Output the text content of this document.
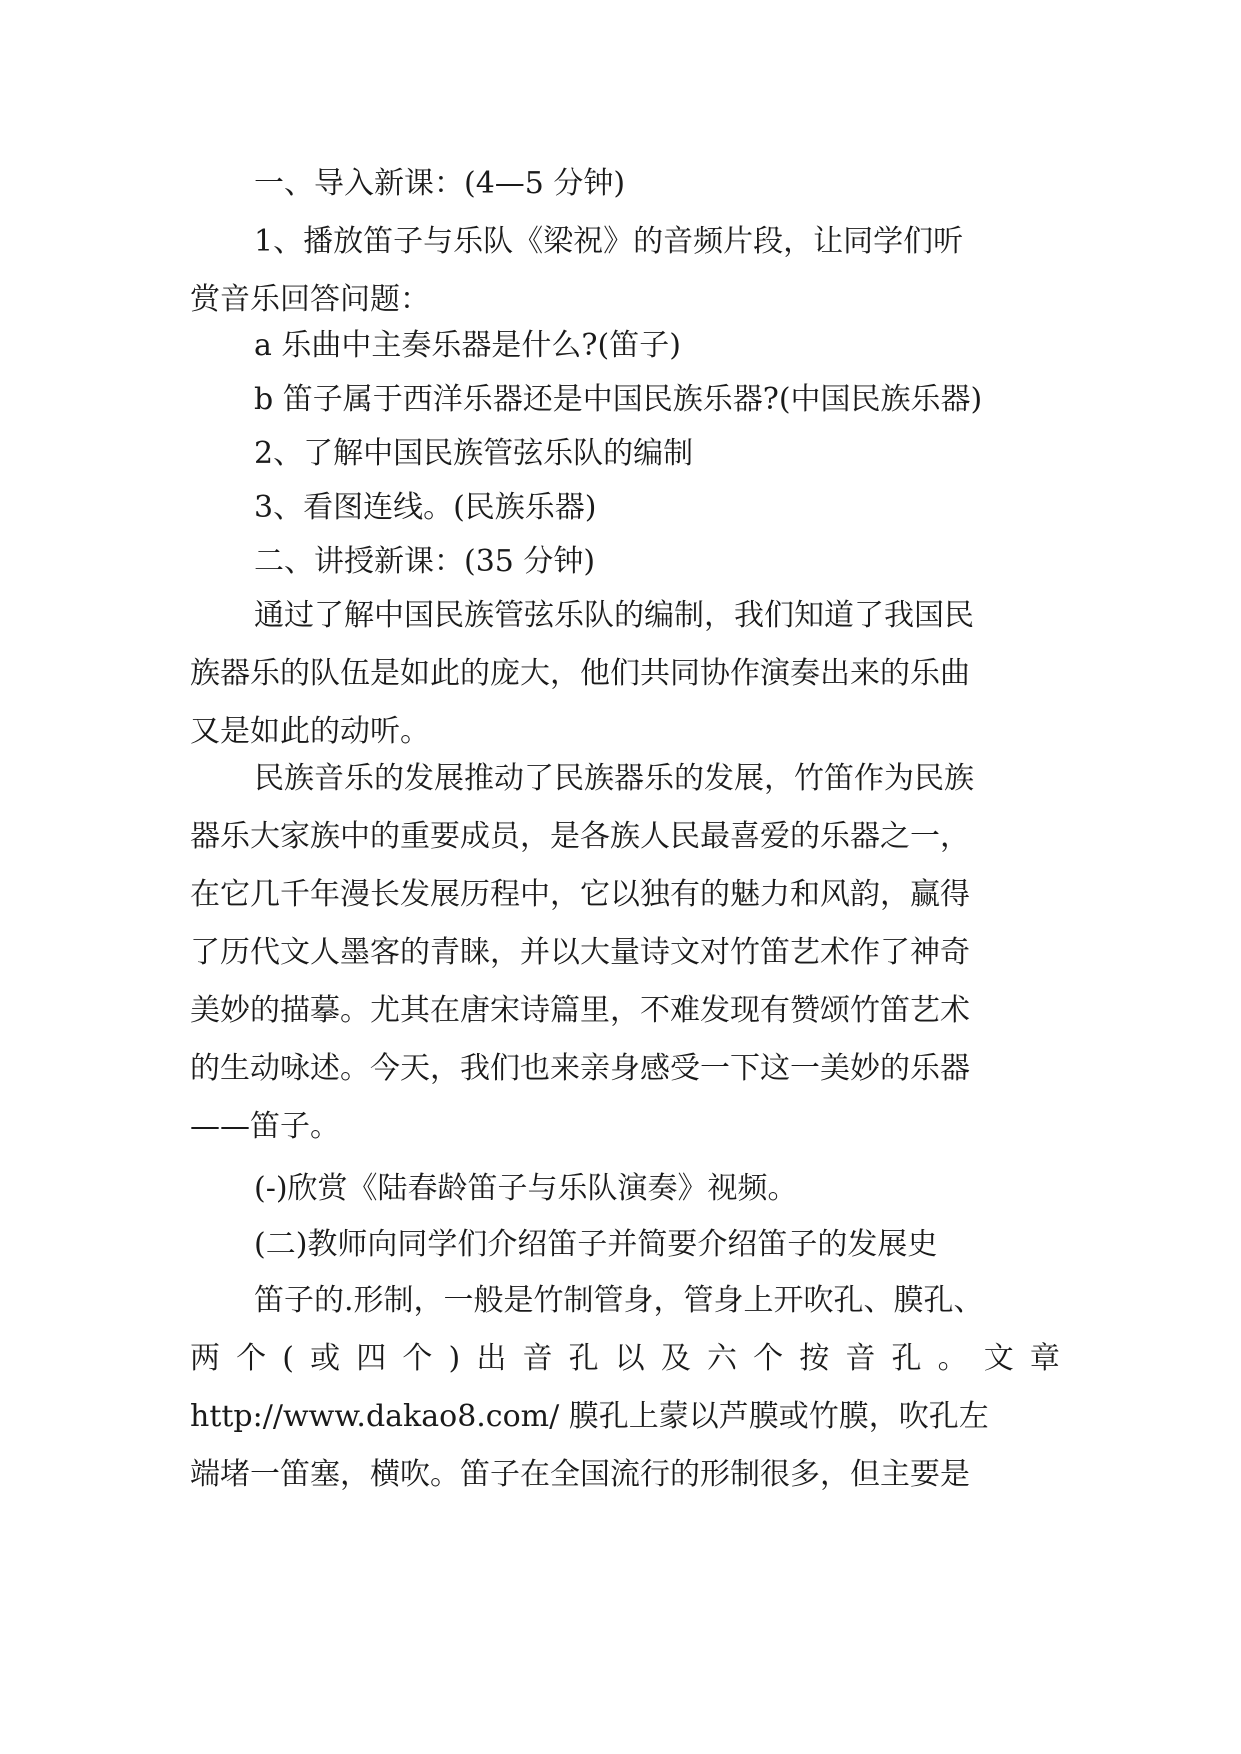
一、导入新课：(4—5 分钟)

1、播放笛子与乐队《梁祝》的音频片段，让同学们听

赏音乐回答问题：

a 乐曲中主奏乐器是什么?(笛子)

b 笛子属于西洋乐器还是中国民族乐器?(中国民族乐器)

2、了解中国民族管弦乐队的编制

3、看图连线。(民族乐器)

二、讲授新课：(35 分钟)

通过了解中国民族管弦乐队的编制，我们知道了我国民

族器乐的队伍是如此的庞大，他们共同协作演奏出来的乐曲

又是如此的动听。

民族音乐的发展推动了民族器乐的发展，竹笛作为民族

器乐大家族中的重要成员，是各族人民最喜爱的乐器之一，

在它几千年漫长发展历程中，它以独有的魅力和风韵，赢得

了历代文人墨客的青睐，并以大量诗文对竹笛艺术作了神奇

美妙的描摹。尤其在唐宋诗篇里，不难发现有赞颂竹笛艺术

的生动咏述。今天，我们也来亲身感受一下这一美妙的乐器

——笛子。

(-)欣赏《陆春龄笛子与乐队演奏》视频。

(二)教师向同学们介绍笛子并简要介绍笛子的发展史

笛子的.形制，一般是竹制管身，管身上开吹孔、膜孔、

两 个 ( 或 四 个 ) 出 音 孔 以 及 六 个 按 音 孔 。 文 章

http://www.dakao8.com/ 膜孔上蒙以芦膜或竹膜，吹孔左

端堵一笛塞，横吹。笛子在全国流行的形制很多，但主要是
